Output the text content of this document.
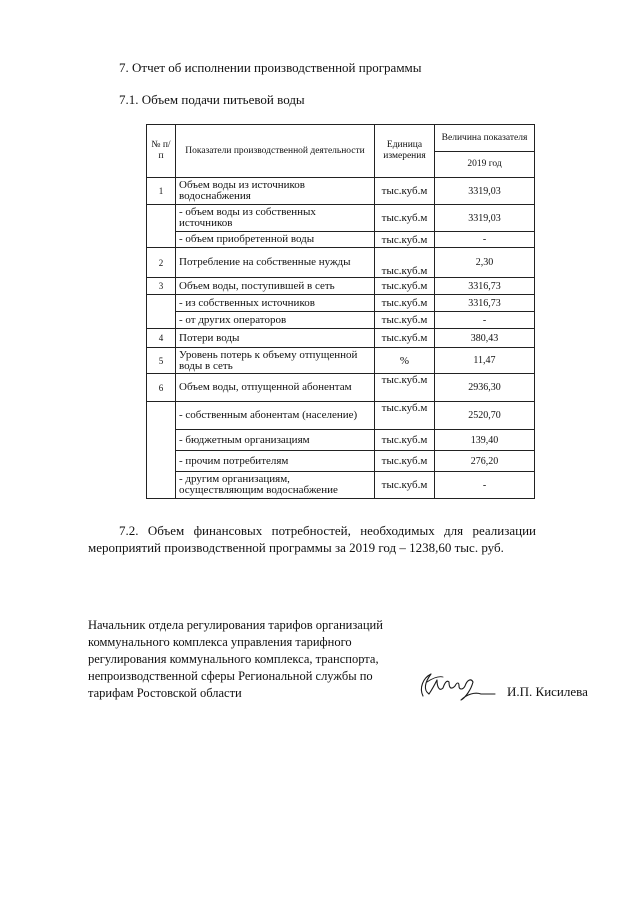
7. Отчет об исполнении производственной программы
7.1. Объем подачи питьевой воды
№ п/п	Показатели производственной деятельности	Единица измерения	Величина показателя
			2019 год
1	Объем воды из источников водоснабжения	тыс.куб.м	3319,03
	- объем воды из собственных источников	тыс.куб.м	3319,03
	- объем приобретенной воды	тыс.куб.м	-
2	Потребление на собственные нужды	тыс.куб.м	2,30
3	Объем воды, поступившей в сеть	тыс.куб.м	3316,73
	- из собственных источников	тыс.куб.м	3316,73
	- от других операторов	тыс.куб.м	-
4	Потери воды	тыс.куб.м	380,43
5	Уровень потерь к объему отпущенной воды в сеть	%	11,47
6	Объем воды, отпущенной абонентам	тыс.куб.м	2936,30
	- собственным абонентам (население)	тыс.куб.м	2520,70
	- бюджетным организациям	тыс.куб.м	139,40
	- прочим потребителям	тыс.куб.м	276,20
	- другим организациям, осуществляющим водоснабжение	тыс.куб.м	-
7.2. Объем финансовых потребностей, необходимых для реализации мероприятий производственной программы за 2019 год – 1238,60 тыс. руб.
Начальник отдела регулирования тарифов организаций
коммунального комплекса управления тарифного
регулирования коммунального комплекса, транспорта,
непроизводственной сферы Региональной службы по
тарифам Ростовской области	И.П. Кисилева
